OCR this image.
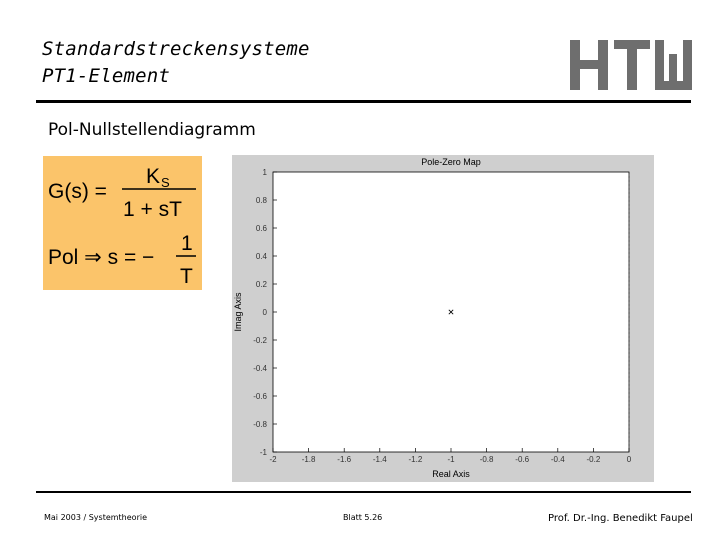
Standardstreckensysteme
PT1-Element
Pol-Nullstellendiagramm
G(s) =
K S
1 + sT
Pol ⇒ s = −
1
T
-2	-1.8	-1.6	-1.4	-1.2	-1	-0.8	-0.6	-0.4	-0.2	0
1
0.8
0.6
0.4
0.2
0
-0.2
-0.4
-0.6
-0.8
-1
Pole-Zero Map
Real Axis
Imag Axis
Mai 2003 / Systemtheorie	Blatt 5.26	Prof. Dr.-Ing. Benedikt Faupel
